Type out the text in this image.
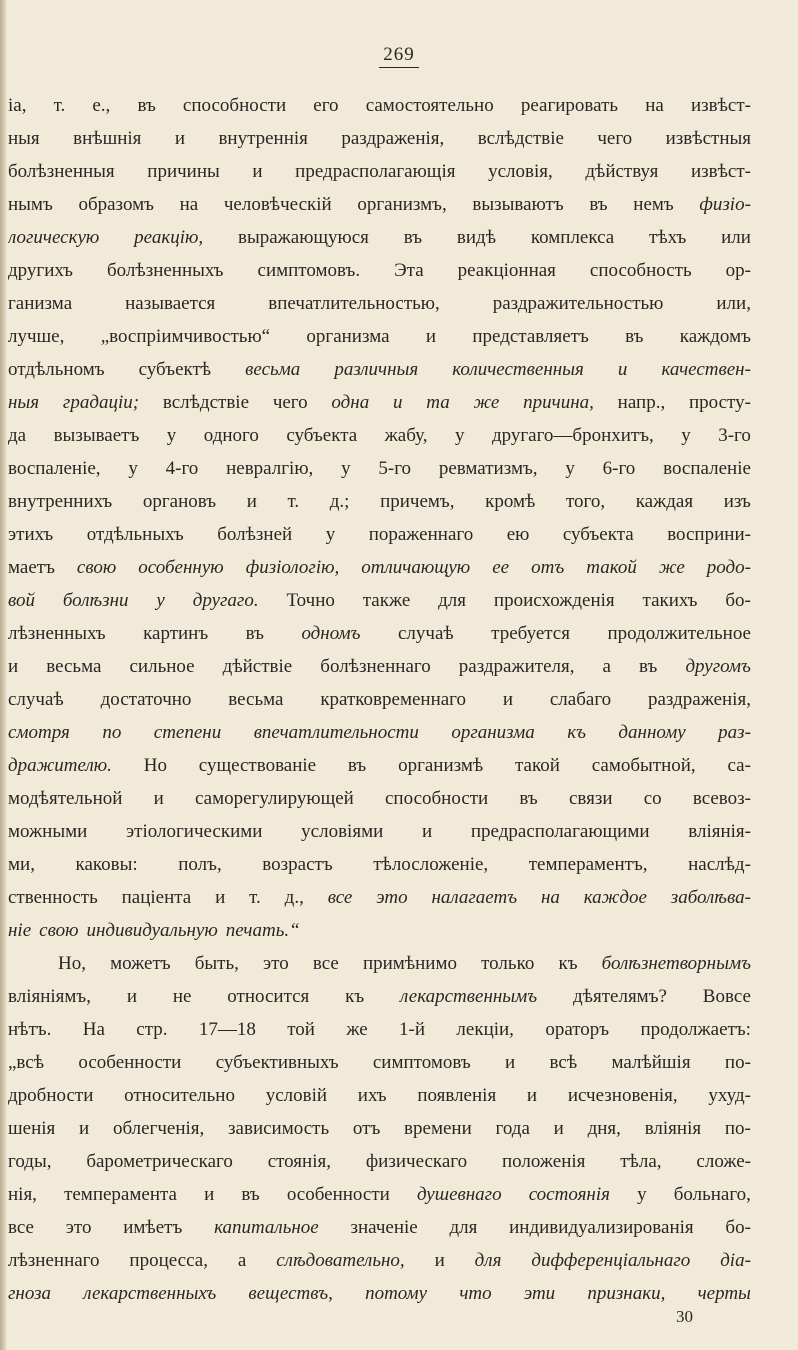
269
ia, т. е., въ способности его самостоятельно реагировать на извѣст-
ныя внѣшнія и внутреннія раздраженія, вслѣдствіе чего извѣстныя
болѣзненныя причины и предрасполагающія условія, дѣйствуя извѣст-
нымъ образомъ на человѣческій организмъ, вызываютъ въ немъ физіо-
логическую реакцію, выражающуюся въ видѣ комплекса тѣхъ или
другихъ болѣзненныхъ симптомовъ. Эта реакціонная способность ор-
ганизма	называется	впечатлительностью,	раздражительностью	или,
лучше, „воспріимчивостью“ организма и представляетъ въ каждомъ
отдѣльномъ субъектѣ весьма различныя количественныя и качествен-
ныя градаціи; вслѣдствіе чего одна и та же причина, напр., просту-
да вызываетъ у одного субъекта жабу, у другаго—бронхитъ, у 3-го
воспаленіе, у 4-го невралгію, у 5-го ревматизмъ, у 6-го воспаленіе
внутреннихъ органовъ и т. д.; причемъ, кромѣ того, каждая изъ
этихъ отдѣльныхъ болѣзней у пораженнаго ею субъекта восприни-
маетъ свою особенную физіологію, отличающую ее отъ такой же родо-
вой болѣзни у другаго. Точно также для происхожденія такихъ бо-
лѣзненныхъ картинъ въ одномъ случаѣ требуется продолжительное
и весьма сильное дѣйствіе болѣзненнаго раздражителя, а въ другомъ
случаѣ достаточно весьма кратковременнаго и слабаго раздраженія,
смотря по степени впечатлительности организма къ данному раз-
дражителю. Но существованіе въ организмѣ такой самобытной, са-
модѣятельной и саморегулирующей способности въ связи со всевоз-
можными этіологическими условіями и предрасполагающими вліянія-
ми, каковы: полъ, возрастъ тѣлосложеніе, темпераментъ, наслѣд-
ственность паціента и т. д., все это налагаетъ на каждое заболѣва-
ніе свою индивидуальную печать.“
Но, можетъ быть, это все примѣнимо только къ болѣзнетворнымъ
вліяніямъ, и не относится къ лекарственнымъ дѣятелямъ? Вовсе
нѣтъ. На стр. 17—18 той же 1-й лекціи, ораторъ продолжаетъ:
„всѣ особенности субъективныхъ симптомовъ и всѣ малѣйшія по-
дробности относительно условій ихъ появленія и исчезновенія, ухуд-
шенія и облегченія, зависимость отъ времени года и дня, вліянія по-
годы, барометрическаго стоянія, физическаго положенія тѣла, сложе-
нія, темперамента и въ особенности душевнаго состоянія у больнаго,
все это имѣетъ капитальное значеніе для индивидуализированія бо-
лѣзненнаго процесса, а слѣдовательно, и для дифференціальнаго діа-
гноза лекарственныхъ веществъ, потому что эти признаки, черты
30
